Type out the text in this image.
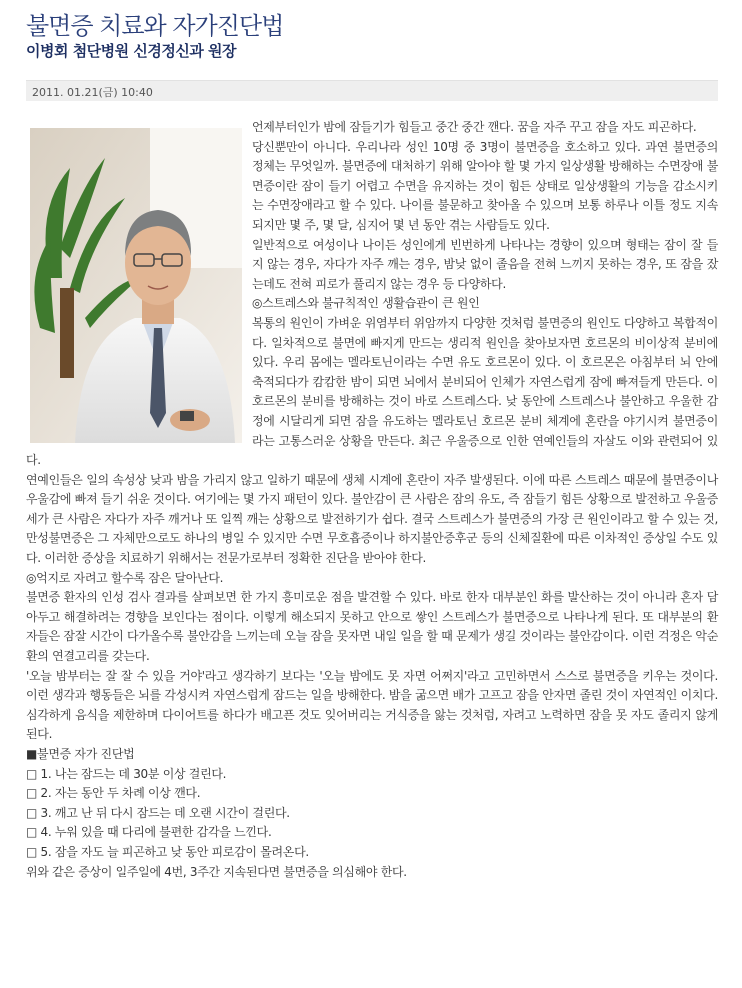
불면증 치료와 자가진단법
이병회 첨단병원 신경정신과 원장
2011. 01.21(금) 10:40

언제부터인가 밤에 잠들기가 힘들고 중간 중간 깬다. 꿈을 자주 꾸고 잠을 자도 피곤하다.

당신뿐만이 아니다. 우리나라 성인 10명 중 3명이 불면증을 호소하고 있다. 과연 불면증의 정체는 무엇일까. 불면증에 대처하기 위해 알아야 할 몇 가지 일상생활 방해하는 수면장애 불면증이란 잠이 들기 어렵고 수면을 유지하는 것이 힘든 상태로 일상생활의 기능을 감소시키는 수면장애라고 할 수 있다. 나이를 불문하고 찾아올 수 있으며 보통 하루나 이틀 정도 지속되지만 몇 주, 몇 달, 심지어 몇 년 동안 겪는 사람들도 있다.

일반적으로 여성이나 나이든 성인에게 빈번하게 나타나는 경향이 있으며 형태는 잠이 잘 들지 않는 경우, 자다가 자주 깨는 경우, 밤낮 없이 졸음을 전혀 느끼지 못하는 경우, 또 잠을 잤는데도 전혀 피로가 풀리지 않는 경우 등 다양하다.

◎스트레스와 불규칙적인 생활습관이 큰 원인

복통의 원인이 가벼운 위염부터 위암까지 다양한 것처럼 불면증의 원인도 다양하고 복합적이다. 일차적으로 불면에 빠지게 만드는 생리적 원인을 찾아보자면 호르몬의 비이상적 분비에 있다. 우리 몸에는 멜라토닌이라는 수면 유도 호르몬이 있다. 이 호르몬은 아침부터 뇌 안에 축적되다가 캄캄한 밤이 되면 뇌에서 분비되어 인체가 자연스럽게 잠에 빠져들게 만든다. 이 호르몬의 분비를 방해하는 것이 바로 스트레스다. 낮 동안에 스트레스나 불안하고 우울한 감정에 시달리게 되면 잠을 유도하는 멜라토닌 호르몬 분비 체계에 혼란을 야기시켜 불면증이라는 고통스러운 상황을 만든다. 최근 우울증으로 인한 연예인들의 자살도 이와 관련되어 있다.

연예인들은 일의 속성상 낮과 밤을 가리지 않고 일하기 때문에 생체 시계에 혼란이 자주 발생된다. 이에 따른 스트레스 때문에 불면증이나 우울감에 빠져 들기 쉬운 것이다. 여기에는 몇 가지 패턴이 있다. 불안감이 큰 사람은 잠의 유도, 즉 잠들기 힘든 상황으로 발전하고 우울증세가 큰 사람은 자다가 자주 깨거나 또 일찍 깨는 상황으로 발전하기가 쉽다. 결국 스트레스가 불면증의 가장 큰 원인이라고 할 수 있는 것, 만성불면증은 그 자체만으로도 하나의 병일 수 있지만 수면 무호흡증이나 하지불안증후군 등의 신체질환에 따른 이차적인 증상일 수도 있다. 이러한 증상을 치료하기 위해서는 전문가로부터 정확한 진단을 받아야 한다.

◎억지로 자려고 할수록 잠은 달아난다.

불면증 환자의 인성 검사 결과를 살펴보면 한 가지 흥미로운 점을 발견할 수 있다. 바로 한자 대부분인 화를 발산하는 것이 아니라 혼자 담아두고 해결하려는 경향을 보인다는 점이다. 이렇게 해소되지 못하고 안으로 쌓인 스트레스가 불면증으로 나타나게 된다. 또 대부분의 환자들은 잠잘 시간이 다가올수록 불안감을 느끼는데 오늘 잠을 못자면 내일 일을 할 때 문제가 생길 것이라는 불안감이다. 이런 걱정은 악순환의 연결고리를 갖는다.

'오늘 밤부터는 잘 잘 수 있을 거야'라고 생각하기 보다는 '오늘 밤에도 못 자면 어쩌지'라고 고민하면서 스스로 불면증을 키우는 것이다. 이런 생각과 행동들은 뇌를 각성시켜 자연스럽게 잠드는 일을 방해한다. 밤을 굶으면 배가 고프고 잠을 안자면 졸린 것이 자연적인 이치다. 심각하게 음식을 제한하며 다이어트를 하다가 배고픈 것도 잊어버리는 거식증을 앓는 것처럼, 자려고 노력하면 잠을 못 자도 졸리지 않게 된다.

■불면증 자가 진단법

□ 1. 나는 잠드는 데 30분 이상 걸린다.

□ 2. 자는 동안 두 차례 이상 깬다.

□ 3. 깨고 난 뒤 다시 잠드는 데 오랜 시간이 걸린다.

□ 4. 누워 있을 때 다리에 불편한 감각을 느낀다.

□ 5. 잠을 자도 늘 피곤하고 낮 동안 피로감이 몰려온다.

위와 같은 증상이 일주일에 4번, 3주간 지속된다면 불면증을 의심해야 한다.
